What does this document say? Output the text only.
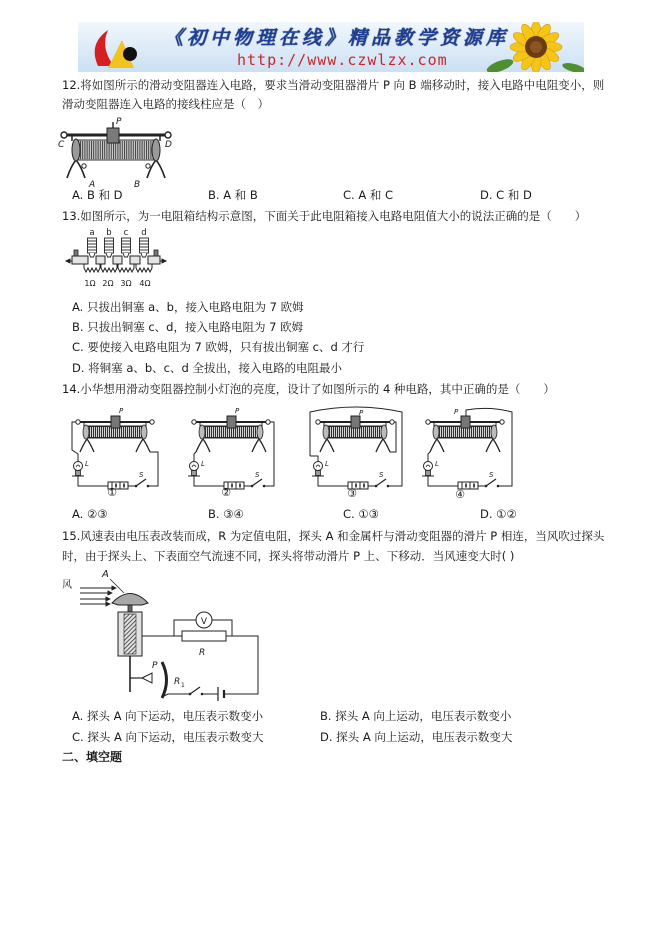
《初中物理在线》精品教学资源库
http://www.czwlzx.com
12.将如图所示的滑动变阻器连入电路，要求当滑动变阻器滑片 P 向 B 端移动时，接入电路中电阻变小，则
滑动变阻器连入电路的接线柱应是（　）
C	D
P
A	B
A. B 和 D	B. A 和 B	C. A 和 C	D. C 和 D
13.如图所示，为一电阻箱结构示意图，下面关于此电阻箱接入电路电阻值大小的说法正确的是（　　）
a b c d
1Ω 2Ω 3Ω 4Ω
A. 只拔出铜塞 a、b，接入电路电阻为 7 欧姆
B. 只拔出铜塞 c、d，接入电路电阻为 7 欧姆
C. 要使接入电路电阻为 7 欧姆，只有拔出铜塞 c、d 才行
D. 将铜塞 a、b、c、d 全拔出，接入电路的电阻最小
14.小华想用滑动变阻器控制小灯泡的亮度，设计了如图所示的 4 种电路，其中正确的是（　　）
P
L
S
①
P
L
S
②
P
L
S
③
P
L
S
④
A. ②③	B. ③④	C. ①③	D. ①②
15.风速表由电压表改装而成，R 为定值电阻，探头 A 和金属杆与滑动变阻器的滑片 P 相连，当风吹过探头
时，由于探头上、下表面空气流速不同，探头将带动滑片 P 上、下移动．当风速变大时( )
风
A
V
R
P
R 1
A. 探头 A 向下运动，电压表示数变小	B. 探头 A 向上运动，电压表示数变小
C. 探头 A 向下运动，电压表示数变大	D. 探头 A 向上运动，电压表示数变大
二、填空题
